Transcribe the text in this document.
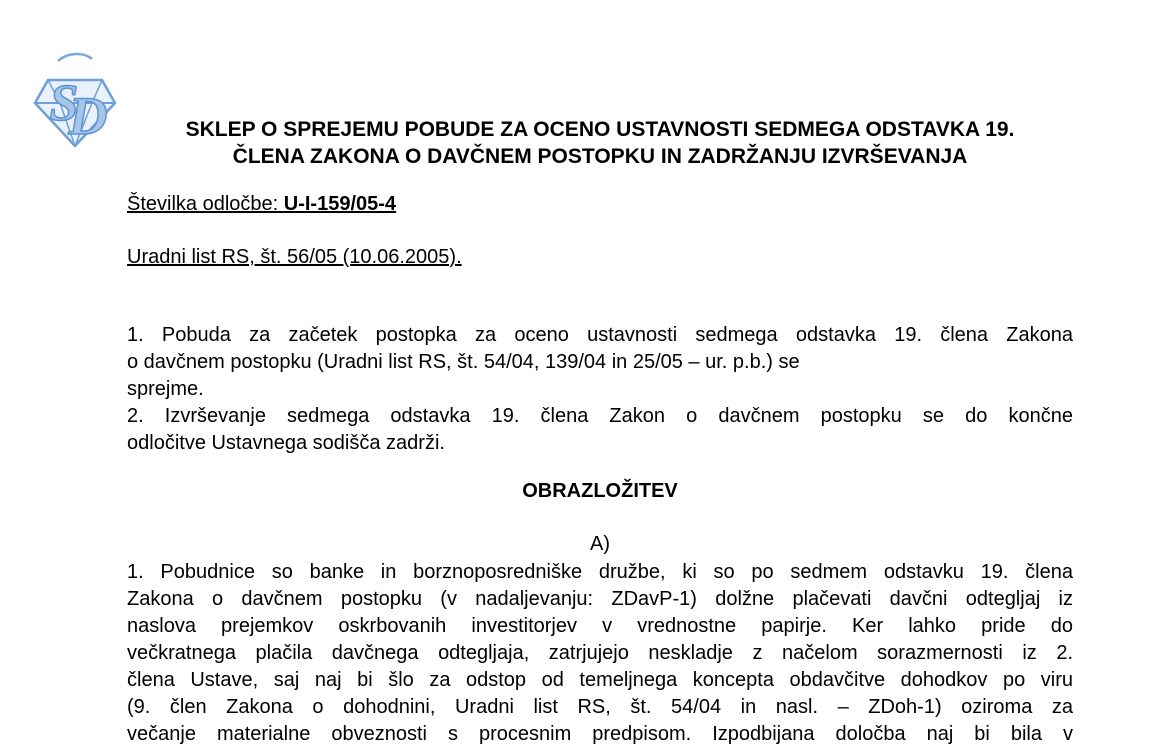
S
D	SKLEP O SPREJEMU POBUDE ZA OCENO USTAVNOSTI SEDMEGA ODSTAVKA 19.
ČLENA ZAKONA O DAVČNEM POSTOPKU IN ZADRŽANJU IZVRŠEVANJA
Številka odločbe: U-I-159/05-4
Uradni list RS, št. 56/05 (10.06.2005).
1. Pobuda za začetek postopka za oceno ustavnosti sedmega odstavka 19. člena Zakona
o davčnem postopku (Uradni list RS, št. 54/04, 139/04 in 25/05 – ur. p.b.) se
sprejme.
2. Izvrševanje sedmega odstavka 19. člena Zakon o davčnem postopku se do končne
odločitve Ustavnega sodišča zadrži.
OBRAZLOŽITEV
A)
1. Pobudnice so banke in borznoposredniške družbe, ki so po sedmem odstavku 19. člena
Zakona o davčnem postopku (v nadaljevanju: ZDavP-1) dolžne plačevati davčni odtegljaj iz
naslova prejemkov oskrbovanih investitorjev v vrednostne papirje. Ker lahko pride do
večkratnega plačila davčnega odtegljaja, zatrjujejo neskladje z načelom sorazmernosti iz 2.
člena Ustave, saj naj bi šlo za odstop od temeljnega koncepta obdavčitve dohodkov po viru
(9. člen Zakona o dohodnini, Uradni list RS, št. 54/04 in nasl. – ZDoh-1) oziroma za
večanje materialne obveznosti s procesnim predpisom. Izpodbijana določba naj bi bila v
